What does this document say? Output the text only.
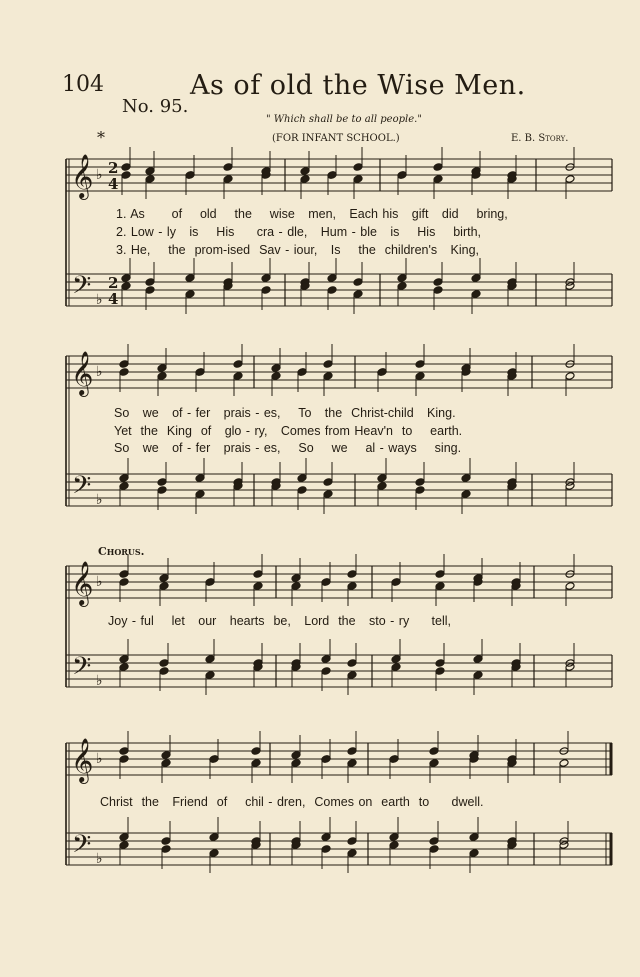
104	As of old the Wise Men.
No. 95.
" Which shall be to all people."
*	(FOR INFANT SCHOOL.)	E. B. Story.
Chorus.
1. As      of    old    the    wise   men,   Each his   gift   did    bring,
2. Low - ly   is    His     cra - dle,   Hum - ble   is    His    birth,
3. He,    the  prom-ised  Sav - iour,   Is    the  children's   King,
So   we   of - fer   prais - es,    To   the  Christ-child   King.
Yet  the  King  of   glo - ry,   Comes from Heav'n  to    earth.
So   we   of - fer   prais - es,    So    we    al - ways    sing.
Joy - ful    let   our   hearts  be,   Lord  the   sto - ry     tell,
Christ  the   Friend  of    chil - dren,  Comes on  earth  to     dwell.
𝄞
𝄢
♭
♭
2
4
2
4
𝄞
𝄢
♭
♭
𝄞
𝄢
♭
♭
𝄞
𝄢
♭
♭
